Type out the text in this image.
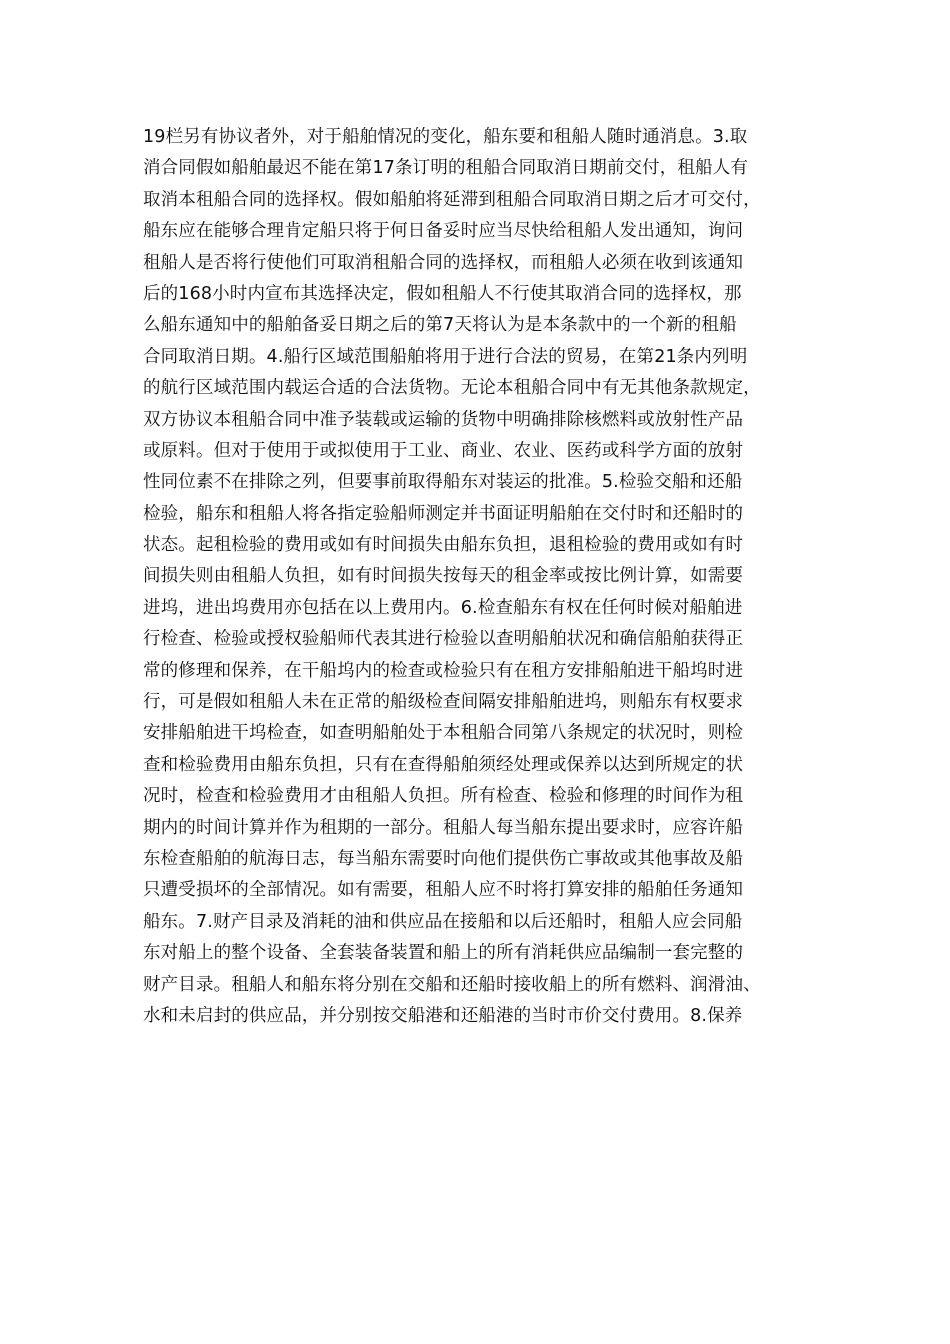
19栏另有协议者外，对于船舶情况的变化，船东要和租船人随时通消息。3.取
消合同假如船舶最迟不能在第17条订明的租船合同取消日期前交付，租船人有
取消本租船合同的选择权。假如船舶将延滞到租船合同取消日期之后才可交付，
船东应在能够合理肯定船只将于何日备妥时应当尽快给租船人发出通知，询问
租船人是否将行使他们可取消租船合同的选择权，而租船人必须在收到该通知
后的168小时内宣布其选择决定，假如租船人不行使其取消合同的选择权，那
么船东通知中的船舶备妥日期之后的第7天将认为是本条款中的一个新的租船
合同取消日期。4.船行区域范围船舶将用于进行合法的贸易，在第21条内列明
的航行区域范围内载运合适的合法货物。无论本租船合同中有无其他条款规定，
双方协议本租船合同中准予装载或运输的货物中明确排除核燃料或放射性产品
或原料。但对于使用于或拟使用于工业、商业、农业、医药或科学方面的放射
性同位素不在排除之列，但要事前取得船东对装运的批准。5.检验交船和还船
检验，船东和租船人将各指定验船师测定并书面证明船舶在交付时和还船时的
状态。起租检验的费用或如有时间损失由船东负担，退租检验的费用或如有时
间损失则由租船人负担，如有时间损失按每天的租金率或按比例计算，如需要
进坞，进出坞费用亦包括在以上费用内。6.检查船东有权在任何时候对船舶进
行检查、检验或授权验船师代表其进行检验以查明船舶状况和确信船舶获得正
常的修理和保养，在干船坞内的检查或检验只有在租方安排船舶进干船坞时进
行，可是假如租船人未在正常的船级检查间隔安排船舶进坞，则船东有权要求
安排船舶进干坞检查，如查明船舶处于本租船合同第八条规定的状况时，则检
查和检验费用由船东负担，只有在查得船舶须经处理或保养以达到所规定的状
况时，检查和检验费用才由租船人负担。所有检查、检验和修理的时间作为租
期内的时间计算并作为租期的一部分。租船人每当船东提出要求时，应容许船
东检查船舶的航海日志，每当船东需要时向他们提供伤亡事故或其他事故及船
只遭受损坏的全部情况。如有需要，租船人应不时将打算安排的船舶任务通知
船东。7.财产目录及消耗的油和供应品在接船和以后还船时，租船人应会同船
东对船上的整个设备、全套装备装置和船上的所有消耗供应品编制一套完整的
财产目录。租船人和船东将分别在交船和还船时接收船上的所有燃料、润滑油、
水和未启封的供应品，并分别按交船港和还船港的当时市价交付费用。8.保养
